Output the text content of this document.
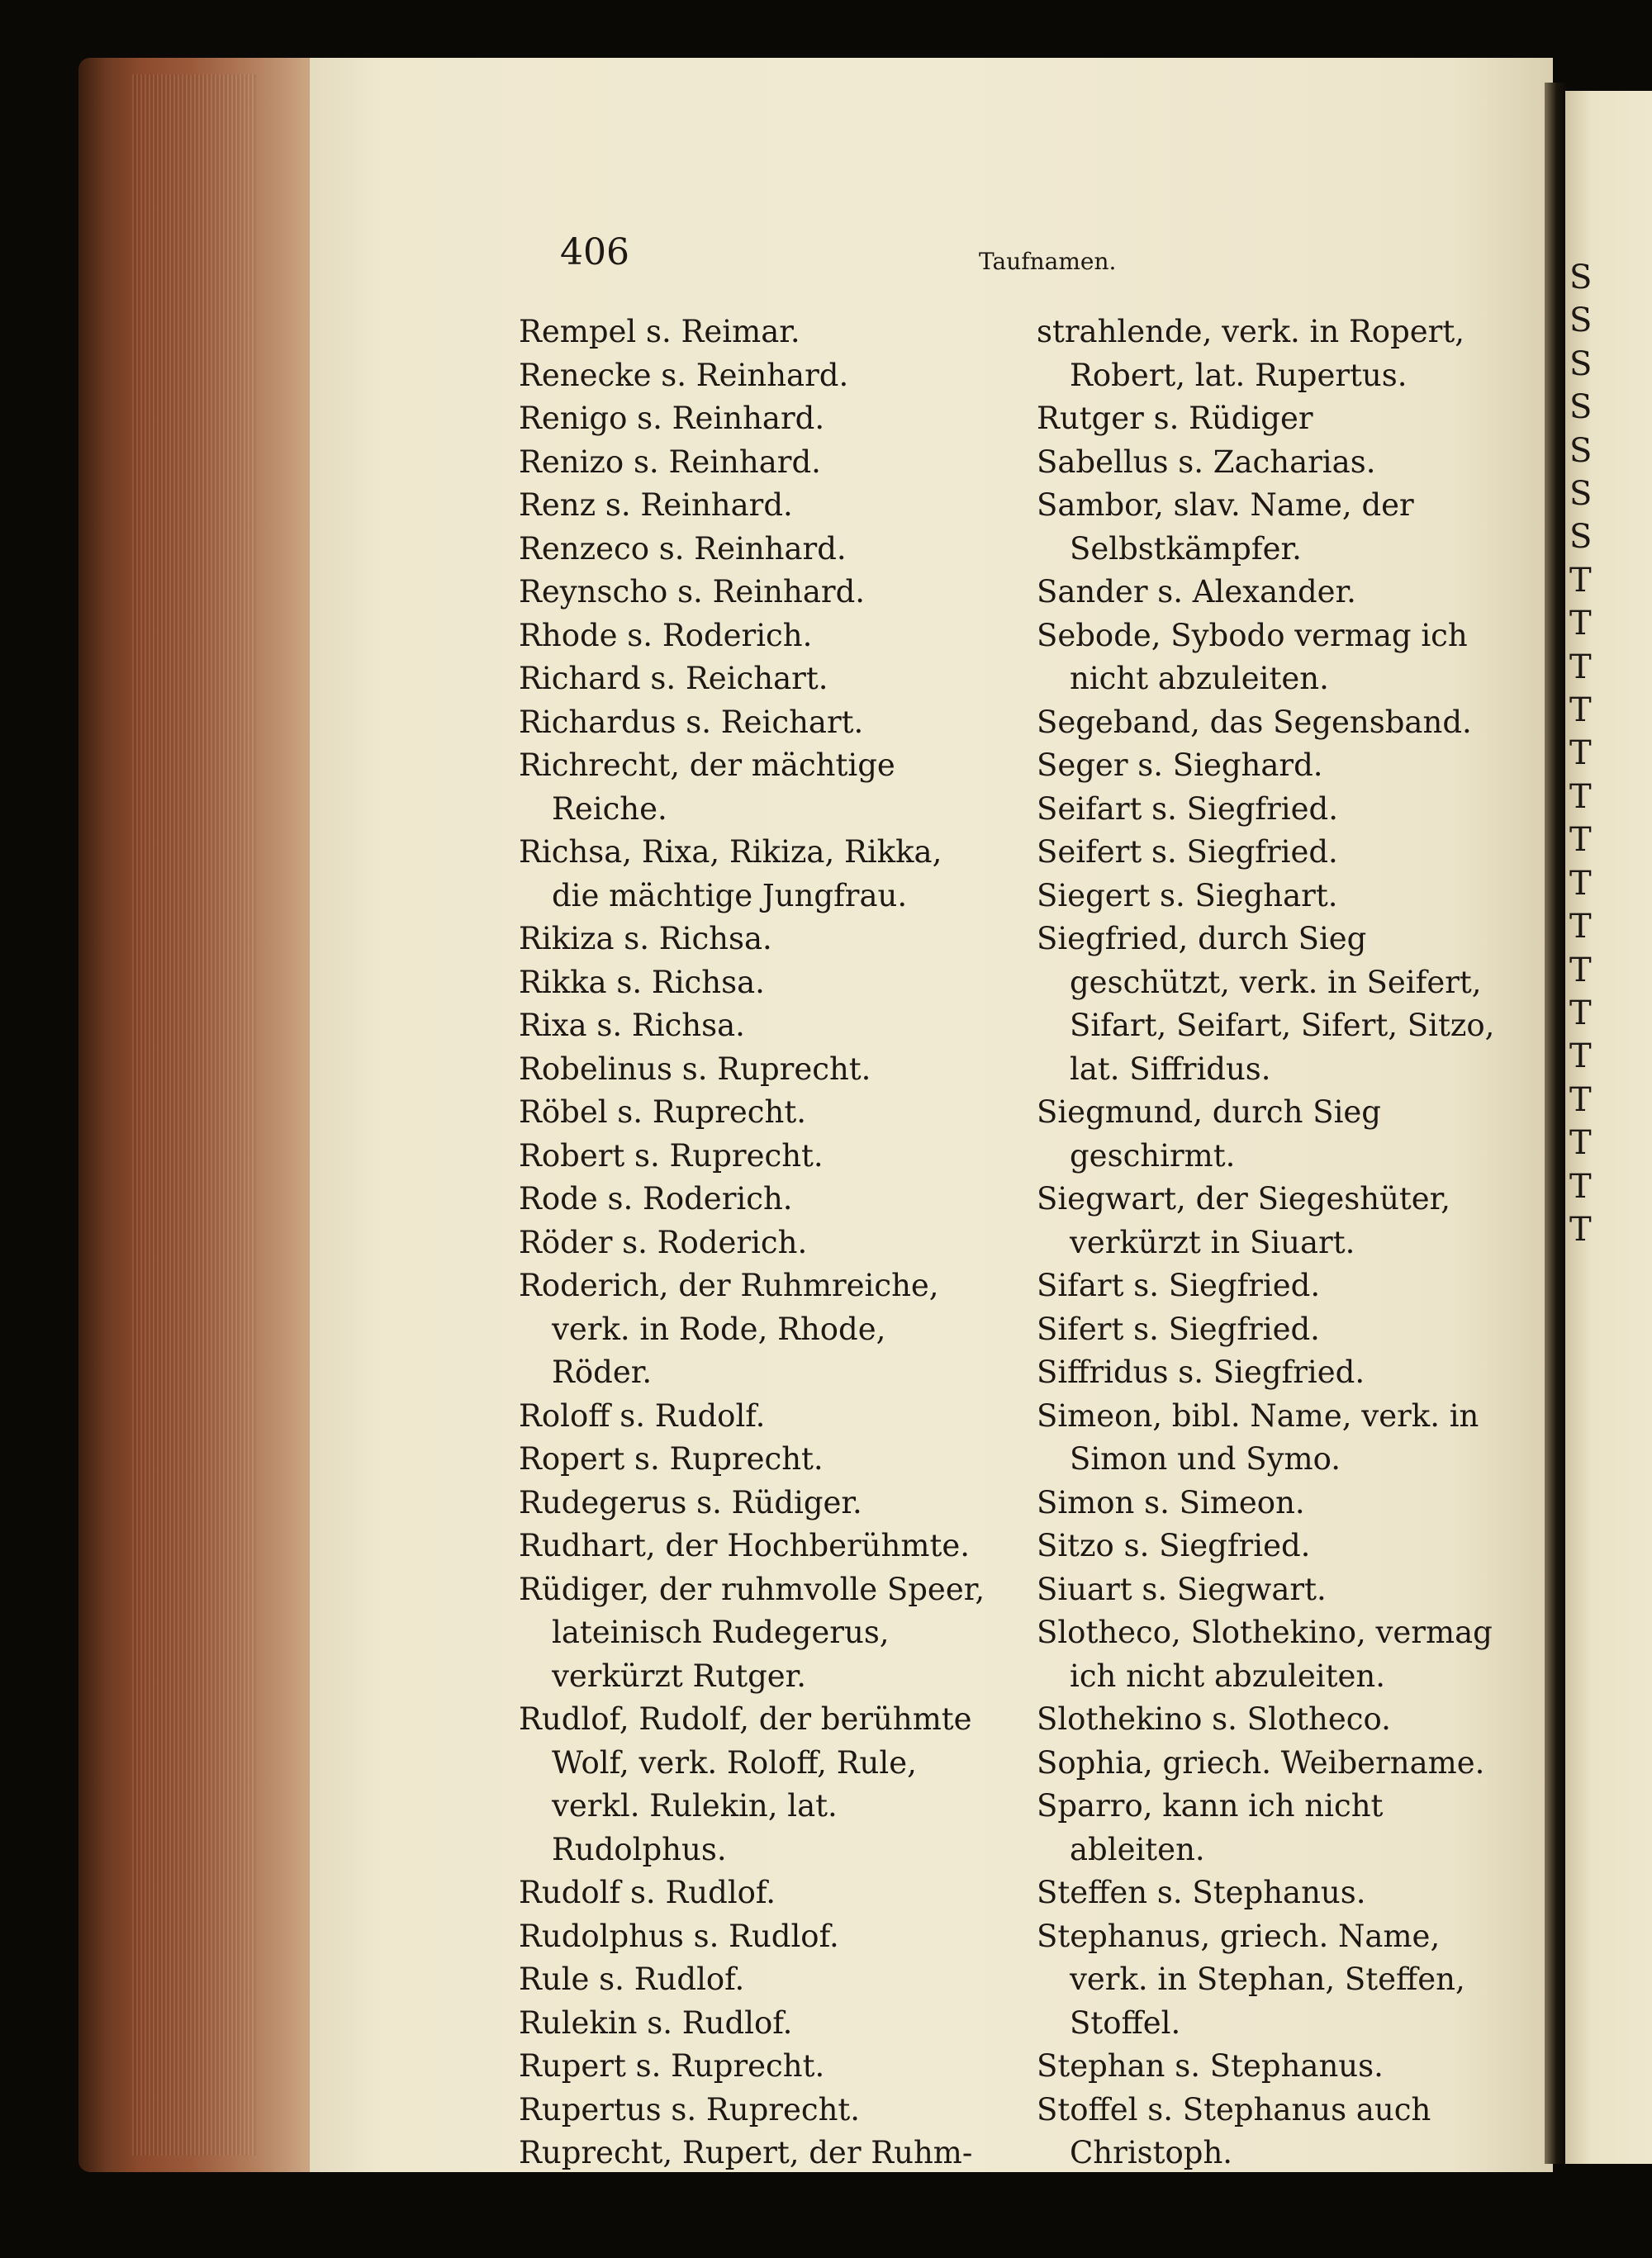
406	Taufnamen.
Rempel s. Reimar.
Renecke s. Reinhard.
Renigo s. Reinhard.
Renizo s. Reinhard.
Renz s. Reinhard.
Renzeco s. Reinhard.
Reynscho s. Reinhard.
Rhode s. Roderich.
Richard s. Reichart.
Richardus s. Reichart.
Richrecht, der mächtige Reiche.
Richsa, Rixa, Rikiza, Rikka, die mächtige Jungfrau.
Rikiza s. Richsa.
Rikka s. Richsa.
Rixa s. Richsa.
Robelinus s. Ruprecht.
Röbel s. Ruprecht.
Robert s. Ruprecht.
Rode s. Roderich.
Röder s. Roderich.
Roderich, der Ruhmreiche, verk. in Rode, Rhode, Röder.
Roloff s. Rudolf.
Ropert s. Ruprecht.
Rudegerus s. Rüdiger.
Rudhart, der Hochberühmte.
Rüdiger, der ruhmvolle Speer, lateinisch Rudegerus, verkürzt Rutger.
Rudlof, Rudolf, der berühmte Wolf, verk. Roloff, Rule, verkl. Rulekin, lat. Rudolphus.
Rudolf s. Rudlof.
Rudolphus s. Rudlof.
Rule s. Rudlof.
Rulekin s. Rudlof.
Rupert s. Ruprecht.
Rupertus s. Ruprecht.
Ruprecht, Rupert, der Ruhm-
strahlende, verk. in Ropert, Robert, lat. Rupertus.
Rutger s. Rüdiger
Sabellus s. Zacharias.
Sambor, slav. Name, der Selbstkämpfer.
Sander s. Alexander.
Sebode, Sybodo vermag ich nicht abzuleiten.
Segeband, das Segensband.
Seger s. Sieghard.
Seifart s. Siegfried.
Seifert s. Siegfried.
Siegert s. Sieghart.
Siegfried, durch Sieg geschützt, verk. in Seifert, Sifart, Seifart, Sifert, Sitzo, lat. Siffridus.
Siegmund, durch Sieg geschirmt.
Siegwart, der Siegeshüter, verkürzt in Siuart.
Sifart s. Siegfried.
Sifert s. Siegfried.
Siffridus s. Siegfried.
Simeon, bibl. Name, verk. in Simon und Symo.
Simon s. Simeon.
Sitzo s. Siegfried.
Siuart s. Siegwart.
Slotheco, Slothekino, vermag ich nicht abzuleiten.
Slothekino s. Slotheco.
Sophia, griech. Weibername.
Sparro, kann ich nicht ableiten.
Steffen s. Stephanus.
Stephanus, griech. Name, verk. in Stephan, Steffen, Stoffel.
Stephan s. Stephanus.
Stoffel s. Stephanus auch Christoph.
S
S
S
S
S
S
S
T
T
T
T
T
T
T
T
T
T
T
T
T
T
T
T
